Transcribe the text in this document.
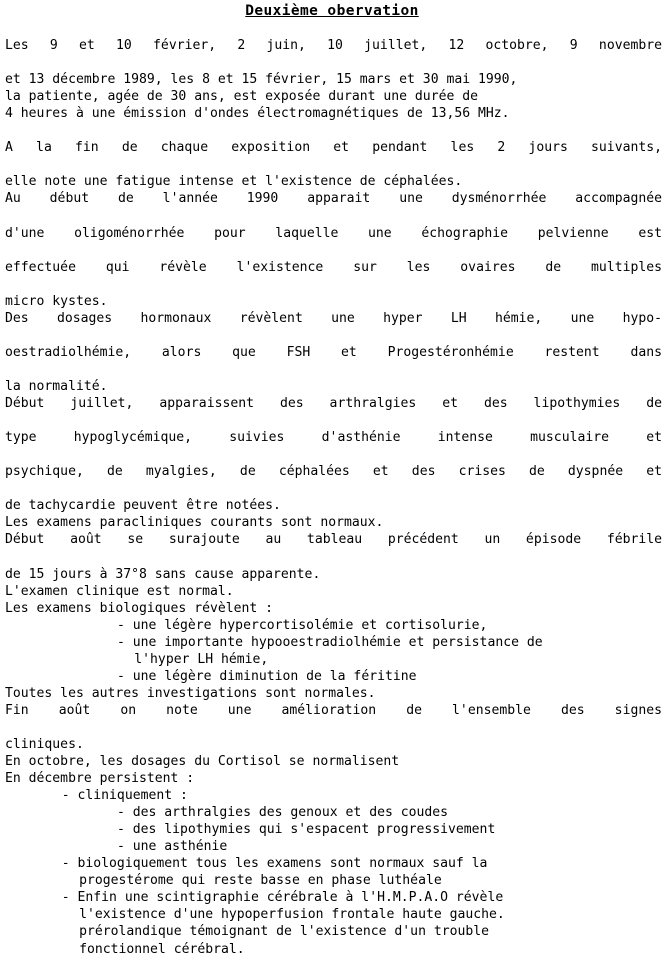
Deuxième obervation
Les 9 et 10 février, 2 juin, 10 juillet, 12 octobre, 9 novembre
et 13 décembre 1989, les 8 et 15 février, 15 mars et 30 mai 1990,
la patiente, agée de 30 ans, est exposée durant une durée de
4 heures à une émission d'ondes électromagnétiques de 13,56 MHz.
A la fin de chaque exposition et pendant les 2 jours suivants,
elle note une fatigue intense et l'existence de céphalées.
Au début de l'année 1990 apparait une dysménorrhée accompagnée
d'une oligoménorrhée pour laquelle une échographie pelvienne est
effectuée qui révèle l'existence sur les ovaires de multiples
micro kystes.
Des dosages hormonaux révèlent une hyper LH hémie, une hypo-
oestradiolhémie, alors que FSH et Progestéronhémie restent dans
la normalité.
Début juillet, apparaissent des arthralgies et des lipothymies de
type hypoglycémique, suivies d'asthénie intense musculaire et
psychique, de myalgies, de céphalées et des crises de dyspnée et
de tachycardie peuvent être notées.
Les examens paracliniques courants sont normaux.
Début août se surajoute au tableau précédent un épisode fébrile
de 15 jours à 37°8 sans cause apparente.
L'examen clinique est normal.
Les examens biologiques révèlent :
- une légère hypercortisolémie et cortisolurie,
- une importante hypooestradiolhémie et persistance de
l'hyper LH hémie,
- une légère diminution de la féritine
Toutes les autres investigations sont normales.
Fin août on note une amélioration de l'ensemble des signes
cliniques.
En octobre, les dosages du Cortisol se normalisent
En décembre persistent :
- cliniquement :
- des arthralgies des genoux et des coudes
- des lipothymies qui s'espacent progressivement
- une asthénie
- biologiquement tous les examens sont normaux sauf la
progestérome qui reste basse en phase luthéale
- Enfin une scintigraphie cérébrale à l'H.M.P.A.O révèle
l'existence d'une hypoperfusion frontale haute gauche.
prérolandique témoignant de l'existence d'un trouble
fonctionnel cérébral.
